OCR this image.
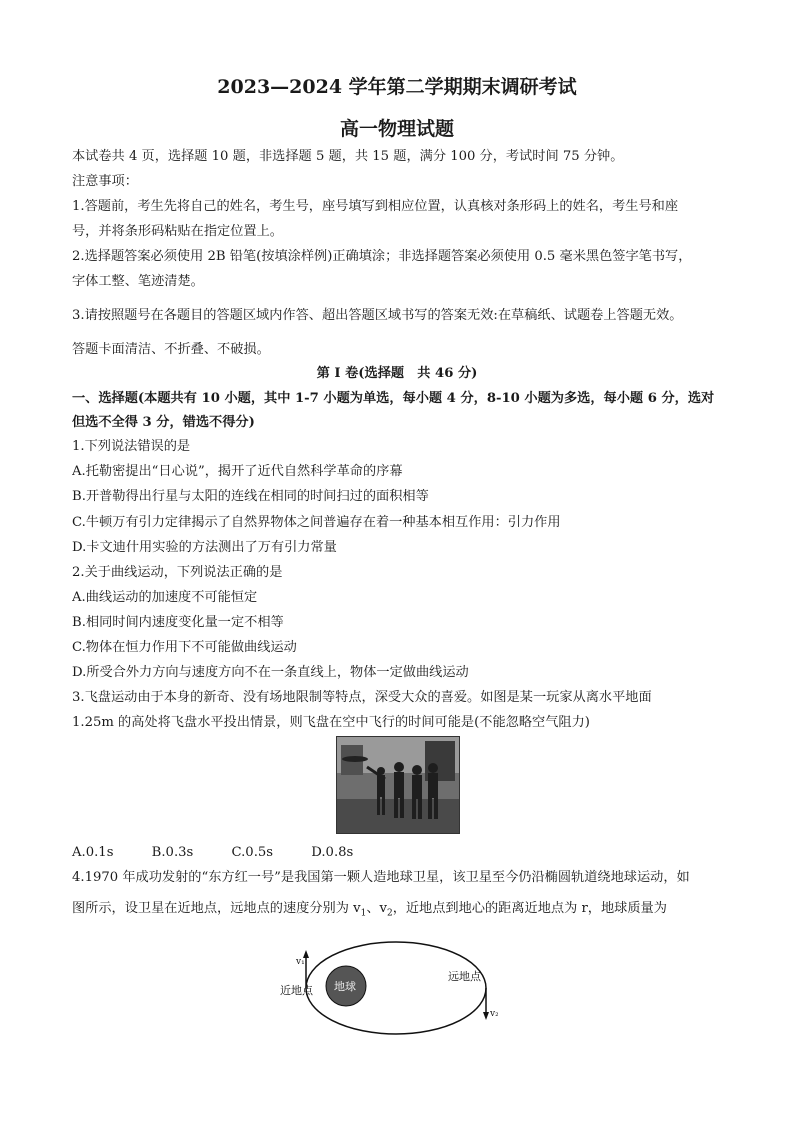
2023—2024 学年第二学期期末调研考试
高一物理试题
本试卷共 4 页，选择题 10 题，非选择题 5 题，共 15 题，满分 100 分，考试时间 75 分钟。
注意事项：
1.答题前，考生先将自己的姓名，考生号，座号填写到相应位置，认真核对条形码上的姓名，考生号和座
号，并将条形码粘贴在指定位置上。
2.选择题答案必须使用 2B 铅笔(按填涂样例)正确填涂；非选择题答案必须使用 0.5 毫米黑色签字笔书写，
字体工整、笔迹清楚。
3.请按照题号在各题目的答题区域内作答、超出答题区域书写的答案无效:在草稿纸、试题卷上答题无效。
答题卡面清洁、不折叠、不破损。
第 I 卷(选择题　共 46 分)
一、选择题(本题共有 10 小题，其中 1-7 小题为单选，每小题 4 分，8-10 小题为多选，每小题 6 分，选对
但选不全得 3 分，错选不得分)
1.下列说法错误的是
A.托勒密提出“日心说”，揭开了近代自然科学革命的序幕
B.开普勒得出行星与太阳的连线在相同的时间扫过的面积相等
C.牛顿万有引力定律揭示了自然界物体之间普遍存在着一种基本相互作用：引力作用
D.卡文迪什用实验的方法测出了万有引力常量
2.关于曲线运动，下列说法正确的是
A.曲线运动的加速度不可能恒定
B.相同时间内速度变化量一定不相等
C.物体在恒力作用下不可能做曲线运动
D.所受合外力方向与速度方向不在一条直线上，物体一定做曲线运动
3.飞盘运动由于本身的新奇、没有场地限制等特点，深受大众的喜爱。如图是某一玩家从离水平地面
1.25m 的高处将飞盘水平投出情景，则飞盘在空中飞行的时间可能是(不能忽略空气阻力)
A.0.1s	B.0.3s	C.0.5s	D.0.8s
4.1970 年成功发射的“东方红一号”是我国第一颗人造地球卫星，该卫星至今仍沿椭圆轨道绕地球运动，如
图所示，设卫星在近地点，远地点的速度分别为 $v_1$、$v_2$，近地点到地心的距离近地点为 r，地球质量为
地球
近地点
远地点
v₁
v₂
